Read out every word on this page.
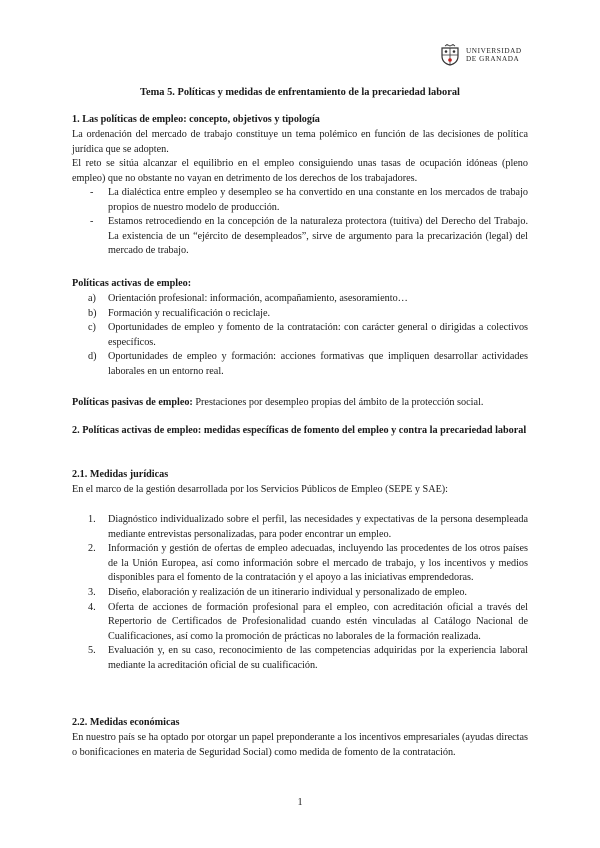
UNIVERSIDAD
DE GRANADA
Tema 5. Políticas y medidas de enfrentamiento de la precariedad laboral
1. Las políticas de empleo: concepto, objetivos y tipología
La ordenación del mercado de trabajo constituye un tema polémico en función de las decisiones de política jurídica que se adopten.
El reto se sitúa alcanzar el equilibrio en el empleo consiguiendo unas tasas de ocupación idóneas (pleno empleo) que no obstante no vayan en detrimento de los derechos de los trabajadores.
- La dialéctica entre empleo y desempleo se ha convertido en una constante en los mercados de trabajo propios de nuestro modelo de producción.
- Estamos retrocediendo en la concepción de la naturaleza protectora (tuitiva) del Derecho del Trabajo. La existencia de un “ejército de desempleados”, sirve de argumento para la precarización (legal) del mercado de trabajo.
Políticas activas de empleo:
a) Orientación profesional: información, acompañamiento, asesoramiento…
b) Formación y recualificación o reciclaje.
c) Oportunidades de empleo y fomento de la contratación: con carácter general o dirigidas a colectivos específicos.
d) Oportunidades de empleo y formación: acciones formativas que impliquen desarrollar actividades laborales en un entorno real.
Políticas pasivas de empleo: Prestaciones por desempleo propias del ámbito de la protección social.
2. Políticas activas de empleo: medidas específicas de fomento del empleo y contra la precariedad laboral
2.1. Medidas jurídicas
En el marco de la gestión desarrollada por los Servicios Públicos de Empleo (SEPE y SAE):
1. Diagnóstico individualizado sobre el perfil, las necesidades y expectativas de la persona desempleada mediante entrevistas personalizadas, para poder encontrar un empleo.
2. Información y gestión de ofertas de empleo adecuadas, incluyendo las procedentes de los otros países de la Unión Europea, así como información sobre el mercado de trabajo, y los incentivos y medios disponibles para el fomento de la contratación y el apoyo a las iniciativas emprendedoras.
3. Diseño, elaboración y realización de un itinerario individual y personalizado de empleo.
4. Oferta de acciones de formación profesional para el empleo, con acreditación oficial a través del Repertorio de Certificados de Profesionalidad cuando estén vinculadas al Catálogo Nacional de Cualificaciones, así como la promoción de prácticas no laborales de la formación realizada.
5. Evaluación y, en su caso, reconocimiento de las competencias adquiridas por la experiencia laboral mediante la acreditación oficial de su cualificación.
2.2. Medidas económicas
En nuestro país se ha optado por otorgar un papel preponderante a los incentivos empresariales (ayudas directas o bonificaciones en materia de Seguridad Social) como medida de fomento de la contratación.
1
